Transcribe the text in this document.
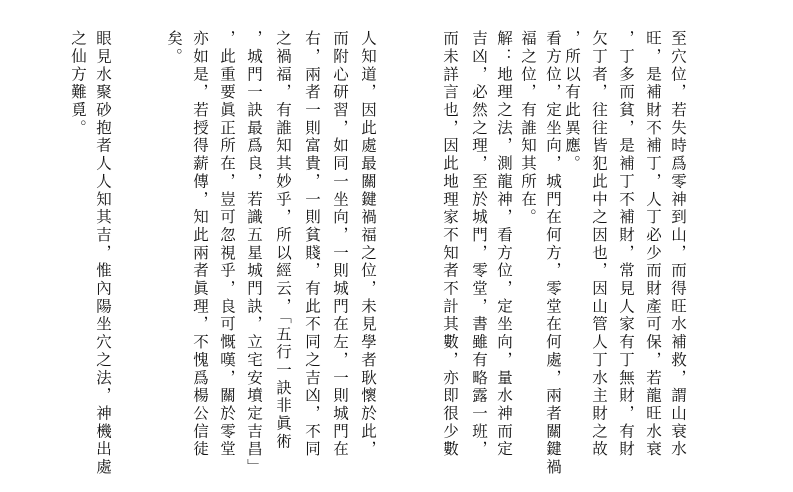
至穴位，若失時爲零神到山，而得旺水補救，謂山衰水
旺，是補財不補丁，人丁必少而財產可保，若龍旺水衰
，丁多而貧，是補丁不補財，常見人家有丁無財，有財
欠丁者，往往皆犯此中之因也，因山管人丁水主財之故
，所以有此異應。
看方位，定坐向，城門在何方，零堂在何處，兩者關鍵禍
福之位，有誰知其所在。
解：地理之法，測龍神，看方位，定坐向，量水神而定
吉凶，必然之理，至於城門，零堂，書雖有略露一班，
而未詳言也，因此地理家不知者不計其數，亦即很少數
人知道，因此處最關鍵禍福之位，未見學者耿懷於此，
而附心研習，如同一坐向，一則城門在左，一則城門在
右，兩者一則富貴，一則貧賤，有此不同之吉凶，不同
之禍福，有誰知其妙乎，所以經云，「五行一訣非眞術
，城門一訣最爲良，若識五星城門訣，立宅安墳定吉昌」
，此重要眞正所在，豈可忽視乎，良可慨嘆，關於零堂
亦如是，若授得薪傳，知此兩者眞理，不愧爲楊公信徒
矣。
眼見水聚砂抱者人人知其吉，惟內陽坐穴之法，神機出處
之仙方難覓。
